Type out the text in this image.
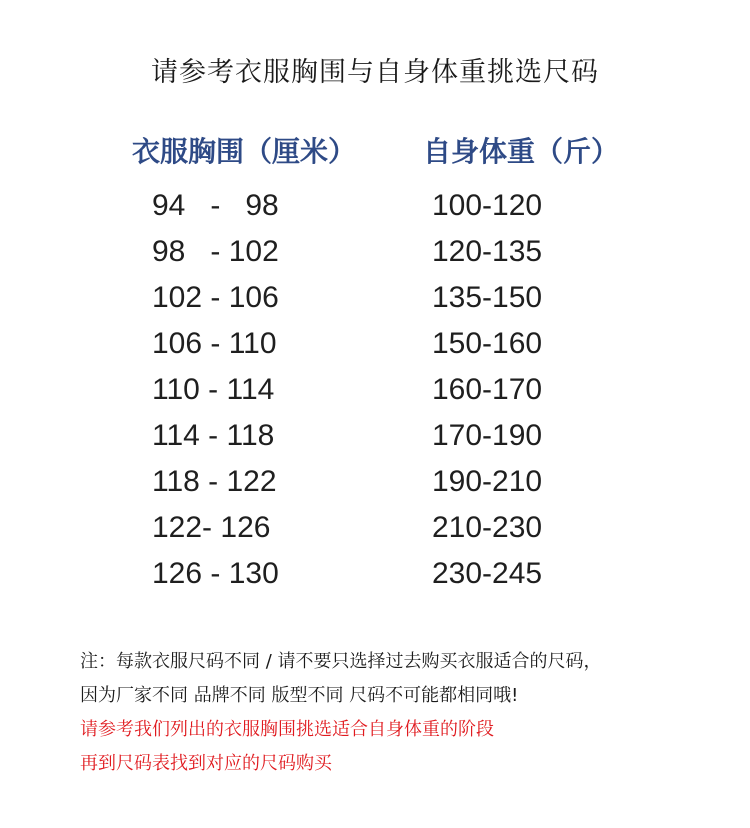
请参考衣服胸围与自身体重挑选尺码
衣服胸围（厘米） 自身体重（斤）
94   -   98	100-120
98   - 102	120-135
102 - 106	135-150
106 - 110	150-160
110 - 114	160-170
114 - 118	170-190
118 - 122	190-210
122- 126	210-230
126 - 130	230-245
注：每款衣服尺码不同 / 请不要只选择过去购买衣服适合的尺码，
因为厂家不同 品牌不同 版型不同 尺码不可能都相同哦!
请参考我们列出的衣服胸围挑选适合自身体重的阶段
再到尺码表找到对应的尺码购买
